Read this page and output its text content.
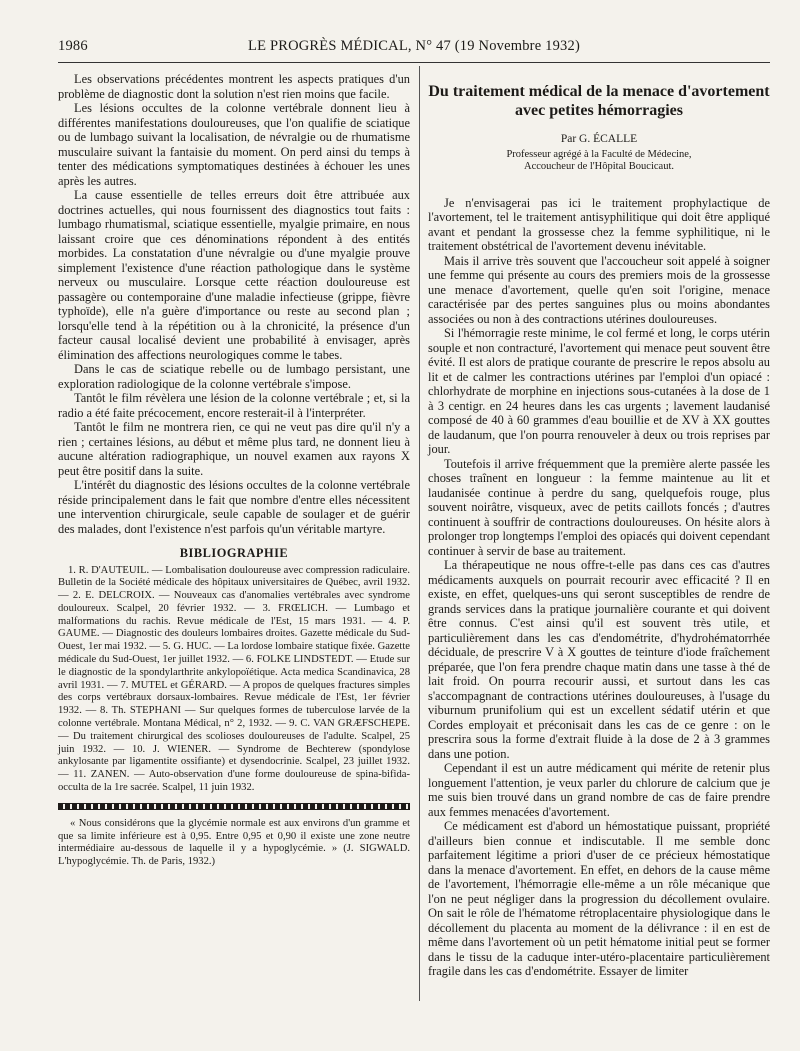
1986	LE PROGRÈS MÉDICAL, N° 47 (19 Novembre 1932)

Les observations précédentes montrent les aspects pratiques d'un problème de diagnostic dont la solution n'est rien moins que facile.

Les lésions occultes de la colonne vertébrale donnent lieu à différentes manifestations douloureuses, que l'on qualifie de sciatique ou de lumbago suivant la localisation, de névralgie ou de rhumatisme musculaire suivant la fantaisie du moment. On perd ainsi du temps à tenter des médications symptomatiques destinées à échouer les unes après les autres.

La cause essentielle de telles erreurs doit être attribuée aux doctrines actuelles, qui nous fournissent des diagnostics tout faits : lumbago rhumatismal, sciatique essentielle, myalgie primaire, en nous laissant croire que ces dénominations répondent à des entités morbides. La constatation d'une névralgie ou d'une myalgie prouve simplement l'existence d'une réaction pathologique dans le système nerveux ou musculaire. Lorsque cette réaction douloureuse est passagère ou contemporaine d'une maladie infectieuse (grippe, fièvre typhoïde), elle n'a guère d'importance ou reste au second plan ; lorsqu'elle tend à la répétition ou à la chronicité, la présence d'un facteur causal localisé devient une probabilité à envisager, après élimination des affections neurologiques comme le tabes.

Dans le cas de sciatique rebelle ou de lumbago persistant, une exploration radiologique de la colonne vertébrale s'impose.

Tantôt le film révèlera une lésion de la colonne vertébrale ; et, si la radio a été faite précocement, encore resterait-il à l'interpréter.

Tantôt le film ne montrera rien, ce qui ne veut pas dire qu'il n'y a rien ; certaines lésions, au début et même plus tard, ne donnent lieu à aucune altération radiographique, un nouvel examen aux rayons X peut être positif dans la suite.

L'intérêt du diagnostic des lésions occultes de la colonne vertébrale réside principalement dans le fait que nombre d'entre elles nécessitent une intervention chirurgicale, seule capable de soulager et de guérir des malades, dont l'existence n'est parfois qu'un véritable martyre.

BIBLIOGRAPHIE
1. R. D'AUTEUIL. — Lombalisation douloureuse avec compression radiculaire. Bulletin de la Société médicale des hôpitaux universitaires de Québec, avril 1932. — 2. E. DELCROIX. — Nouveaux cas d'anomalies vertébrales avec syndrome douloureux. Scalpel, 20 février 1932. — 3. FRŒLICH. — Lumbago et malformations du rachis. Revue médicale de l'Est, 15 mars 1931. — 4. P. GAUME. — Diagnostic des douleurs lombaires droites. Gazette médicale du Sud-Ouest, 1er mai 1932. — 5. G. HUC. — La lordose lombaire statique fixée. Gazette médicale du Sud-Ouest, 1er juillet 1932. — 6. FOLKE LINDSTEDT. — Etude sur le diagnostic de la spondylarthrite ankylopoïétique. Acta medica Scandinavica, 28 avril 1931. — 7. MUTEL et GÉRARD. — A propos de quelques fractures simples des corps vertébraux dorsaux-lombaires. Revue médicale de l'Est, 1er février 1932. — 8. Th. STEPHANI — Sur quelques formes de tuberculose larvée de la colonne vertébrale. Montana Médical, n° 2, 1932. — 9. C. VAN GRÆFSCHEPE. — Du traitement chirurgical des scolioses douloureuses de l'adulte. Scalpel, 25 juin 1932. — 10. J. WIENER. — Syndrome de Bechterew (spondylose ankylosante par ligamentite ossifiante) et dysendocrinie. Scalpel, 23 juillet 1932. — 11. ZANEN. — Auto-observation d'une forme douloureuse de spina-bifida-occulta de la 1re sacrée. Scalpel, 11 juin 1932.
« Nous considérons que la glycémie normale est aux environs d'un gramme et que sa limite inférieure est à 0,95. Entre 0,95 et 0,90 il existe une zone neutre intermédiaire au-dessous de laquelle il y a hypoglycémie. » (J. SIGWALD. L'hypoglycémie. Th. de Paris, 1932.)
Du traitement médical de la menace d'avortement avec petites hémorragies
Par G. ÉCALLE
Professeur agrégé à la Faculté de Médecine,
Accoucheur de l'Hôpital Boucicaut.

Je n'envisagerai pas ici le traitement prophylactique de l'avortement, tel le traitement antisyphilitique qui doit être appliqué avant et pendant la grossesse chez la femme syphilitique, ni le traitement obstétrical de l'avortement devenu inévitable.

Mais il arrive très souvent que l'accoucheur soit appelé à soigner une femme qui présente au cours des premiers mois de la grossesse une menace d'avortement, quelle qu'en soit l'origine, menace caractérisée par des pertes sanguines plus ou moins abondantes associées ou non à des contractions utérines douloureuses.

Si l'hémorragie reste minime, le col fermé et long, le corps utérin souple et non contracturé, l'avortement qui menace peut souvent être évité. Il est alors de pratique courante de prescrire le repos absolu au lit et de calmer les contractions utérines par l'emploi d'un opiacé : chlorhydrate de morphine en injections sous-cutanées à la dose de 1 à 3 centigr. en 24 heures dans les cas urgents ; lavement laudanisé composé de 40 à 60 grammes d'eau bouillie et de XV à XX gouttes de laudanum, que l'on pourra renouveler à deux ou trois reprises par jour.

Toutefois il arrive fréquemment que la première alerte passée les choses traînent en longueur : la femme maintenue au lit et laudanisée continue à perdre du sang, quelquefois rouge, plus souvent noirâtre, visqueux, avec de petits caillots foncés ; d'autres continuent à souffrir de contractions douloureuses. On hésite alors à prolonger trop longtemps l'emploi des opiacés qui doivent cependant continuer à servir de base au traitement.

La thérapeutique ne nous offre-t-elle pas dans ces cas d'autres médicaments auxquels on pourrait recourir avec efficacité ? Il en existe, en effet, quelques-uns qui seront susceptibles de rendre de grands services dans la pratique journalière courante et qui doivent être connus. C'est ainsi qu'il est souvent très utile, et particulièrement dans les cas d'endométrite, d'hydrohématorrhée déciduale, de prescrire V à X gouttes de teinture d'iode fraîchement préparée, que l'on fera prendre chaque matin dans une tasse à thé de lait froid. On pourra recourir aussi, et surtout dans les cas s'accompagnant de contractions utérines douloureuses, à l'usage du viburnum prunifolium qui est un excellent sédatif utérin et que Cordes employait et préconisait dans les cas de ce genre : on le prescrira sous la forme d'extrait fluide à la dose de 2 à 3 grammes dans une potion.

Cependant il est un autre médicament qui mérite de retenir plus longuement l'attention, je veux parler du chlorure de calcium que je me suis bien trouvé dans un grand nombre de cas de faire prendre aux femmes menacées d'avortement.

Ce médicament est d'abord un hémostatique puissant, propriété d'ailleurs bien connue et indiscutable. Il me semble donc parfaitement légitime a priori d'user de ce précieux hémostatique dans la menace d'avortement. En effet, en dehors de la cause même de l'avortement, l'hémorragie elle-même a un rôle mécanique que l'on ne peut négliger dans la progression du décollement ovulaire. On sait le rôle de l'hématome rétroplacentaire physiologique dans le décollement du placenta au moment de la délivrance : il en est de même dans l'avortement où un petit hématome initial peut se former dans le tissu de la caduque inter-utéro-placentaire particulièrement fragile dans les cas d'endométrite. Essayer de limiter
